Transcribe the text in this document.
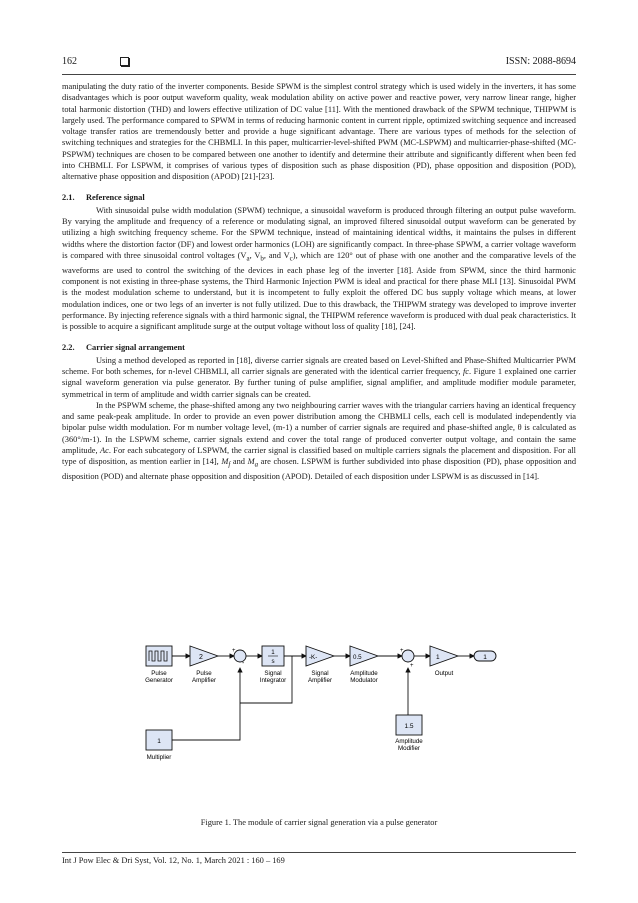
162	ISSN: 2088-8694

manipulating the duty ratio of the inverter components. Beside SPWM is the simplest control strategy which is used widely in the inverters, it has some disadvantages which is poor output waveform quality, weak modulation ability on active power and reactive power, very narrow linear range, higher total harmonic distortion (THD) and lowers effective utilization of DC value [11]. With the mentioned drawback of the SPWM technique, THIPWM is largely used. The performance compared to SPWM in terms of reducing harmonic content in current ripple, optimized switching sequence and increased voltage transfer ratios are tremendously better and provide a huge significant advantage. There are various types of methods for the selection of switching techniques and strategies for the CHBMLI. In this paper, multicarrier-level-shifted PWM (MC-LSPWM) and multicarrier-phase-shifted (MC-PSPWM) techniques are chosen to be compared between one another to identify and determine their attribute and significantly different when been fed into CHBMLI. For LSPWM, it comprises of various types of disposition such as phase disposition (PD), phase opposition and disposition (POD), alternative phase opposition and disposition (APOD) [21]-[23].

2.1. Reference signal

With sinusoidal pulse width modulation (SPWM) technique, a sinusoidal waveform is produced through filtering an output pulse waveform. By varying the amplitude and frequency of a reference or modulating signal, an improved filtered sinusoidal output waveform can be generated by utilizing a high switching frequency scheme. For the SPWM technique, instead of maintaining identical widths, it maintains the pulses in different widths where the distortion factor (DF) and lowest order harmonics (LOH) are significantly compact. In three-phase SPWM, a carrier voltage waveform is compared with three sinusoidal control voltages ($V_a$, $V_b$, and $V_c$), which are 120° out of phase with one another and the comparative levels of the waveforms are used to control the switching of the devices in each phase leg of the inverter [18]. Aside from SPWM, since the third harmonic component is not existing in three-phase systems, the Third Harmonic Injection PWM is ideal and practical for there phase MLI [13]. Sinusoidal PWM is the modest modulation scheme to understand, but it is incompetent to fully exploit the offered DC bus supply voltage which means, at lower modulation indices, one or two legs of an inverter is not fully utilized. Due to this drawback, the THIPWM strategy was developed to improve inverter performance. By injecting reference signals with a third harmonic signal, the THIPWM reference waveform is produced with dual peak characteristics. It is possible to acquire a significant amplitude surge at the output voltage without loss of quality [18], [24].

2.2. Carrier signal arrangement

Using a method developed as reported in [18], diverse carrier signals are created based on Level-Shifted and Phase-Shifted Multicarrier PWM scheme. For both schemes, for n-level CHBMLI, all carrier signals are generated with the identical carrier frequency, fc. Figure 1 explained one carrier signal waveform generation via pulse generator. By further tuning of pulse amplifier, signal amplifier, and amplitude modifier module parameter, symmetrical in term of amplitude and width carrier signals can be created.

In the PSPWM scheme, the phase-shifted among any two neighbouring carrier waves with the triangular carriers having an identical frequency and same peak-peak amplitude. In order to provide an even power distribution among the CHBMLI cells, each cell is modulated independently via bipolar pulse width modulation. For m number voltage level, (m-1) a number of carrier signals are required and phase-shifted angle, θ is calculated as (360°/m-1). In the LSPWM scheme, carrier signals extend and cover the total range of produced converter output voltage, and contain the same amplitude, Ac. For each subcategory of LSPWM, the carrier signal is classified based on multiple carriers signals the placement and disposition. For all type of disposition, as mention earlier in [14], $M_f$ and $M_a$ are chosen. LSPWM is further subdivided into phase disposition (PD), phase opposition and disposition (POD) and alternate phase opposition and disposition (APOD). Detailed of each disposition under LSPWM is as discussed in [14].

Pulse
Generator
2
Pulse
Amplifier
+
-
1
s
Signal
Integrator
-K-
Signal
Amplifier
0.5
Amplitude
Modulator
+
+
1
Output
1
1
Multiplier
1.5
Amplitude
Modifier
Figure 1. The module of carrier signal generation via a pulse generator
Int J Pow Elec & Dri Syst, Vol. 12, No. 1, March 2021 : 160 – 169
